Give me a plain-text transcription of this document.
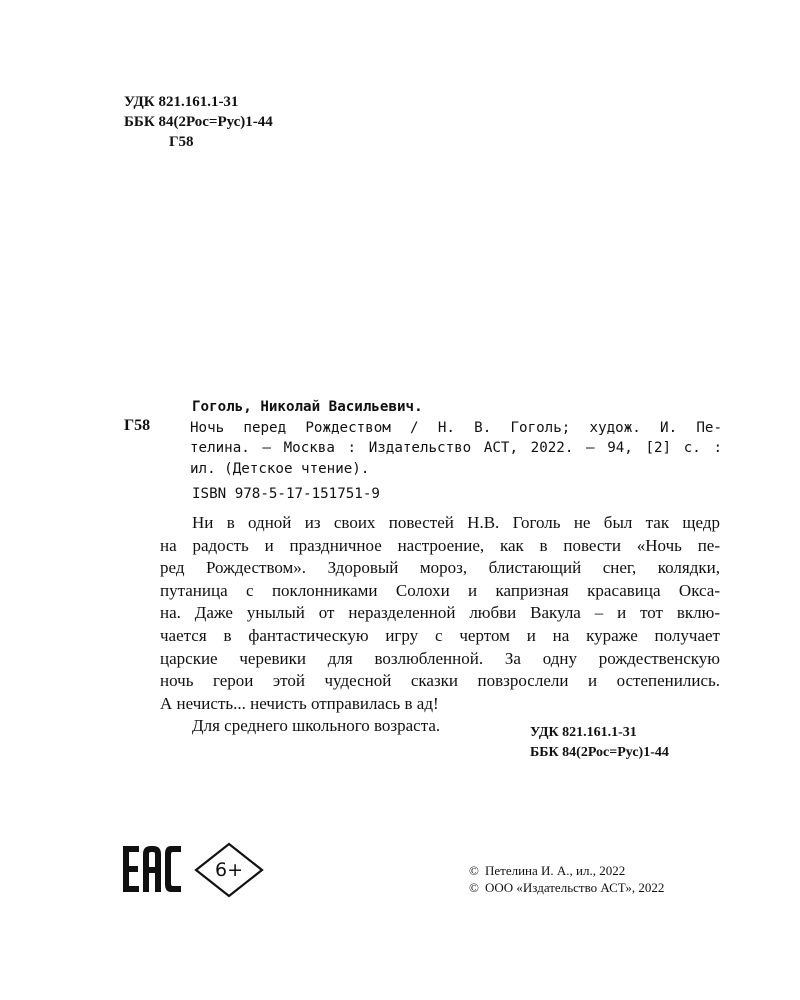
УДК 821.161.1-31
ББК 84(2Рос=Рус)1-44
Г58
Г58
Гоголь, Николай Васильевич.
Ночь перед Рождеством / Н. В. Гоголь; худож. И. Пе-
телина. — Москва : Издательство АСТ, 2022. — 94, [2] с. :
ил. (Детское чтение).
ISBN 978-5-17-151751-9
Ни в одной из своих повестей Н.В. Гоголь не был так щедр
на радость и праздничное настроение, как в повести «Ночь пе-
ред Рождеством». Здоровый мороз, блистающий снег, колядки,
путаница с поклонниками Солохи и капризная красавица Окса-
на. Даже унылый от неразделенной любви Вакула – и тот вклю-
чается в фантастическую игру с чертом и на кураже получает
царские черевики для возлюбленной. За одну рождественскую
ночь герои этой чудесной сказки повзрослели и остепенились.
А нечисть... нечисть отправилась в ад!
Для среднего школьного возраста.	УДК 821.161.1-31
ББК 84(2Рос=Рус)1-44
6+	© Петелина И. А., ил., 2022
© ООО «Издательство АСТ», 2022
